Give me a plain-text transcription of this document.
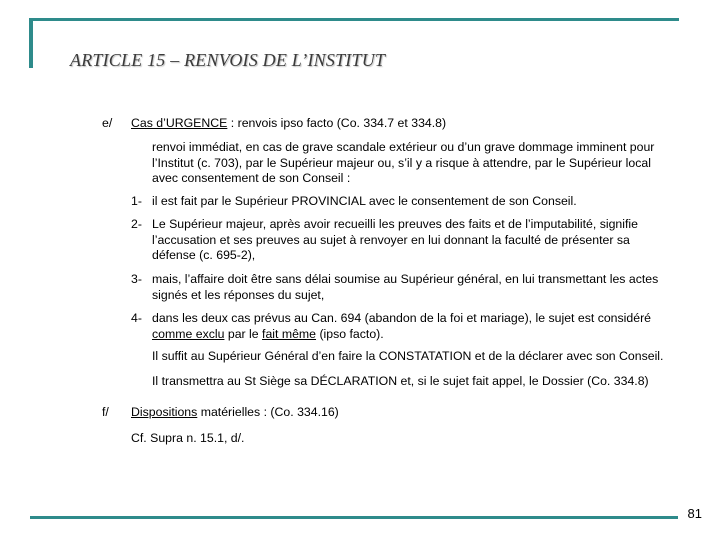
ARTICLE 15 – RENVOIS DE L’INSTITUT
e/ Cas d’URGENCE : renvois ipso facto (Co. 334.7 et 334.8)
renvoi immédiat, en cas de grave scandale extérieur ou d’un grave dommage imminent pour
l’Institut (c. 703), par le Supérieur majeur ou, s’il y a risque à attendre, par le Supérieur local
avec consentement de son Conseil :
1- il est fait par le Supérieur PROVINCIAL avec le consentement de son Conseil.
2- Le Supérieur majeur, après avoir recueilli les preuves des faits et de l’imputabilité, signifie
l’accusation et ses preuves au sujet à renvoyer en lui donnant la faculté de présenter sa
défense (c. 695-2),
3- mais, l’affaire doit être sans délai soumise au Supérieur général, en lui transmettant les actes
signés et les réponses du sujet,
4- dans les deux cas prévus au Can. 694 (abandon de la foi et mariage), le sujet est considéré
comme exclu par le fait même (ipso facto).
Il suffit au Supérieur Général d’en faire la CONSTATATION et de la déclarer avec son Conseil.
Il transmettra au St Siège sa DÉCLARATION et, si le sujet fait appel, le Dossier (Co. 334.8)
f/ Dispositions matérielles : (Co. 334.16)
Cf. Supra n. 15.1, d/.
81
